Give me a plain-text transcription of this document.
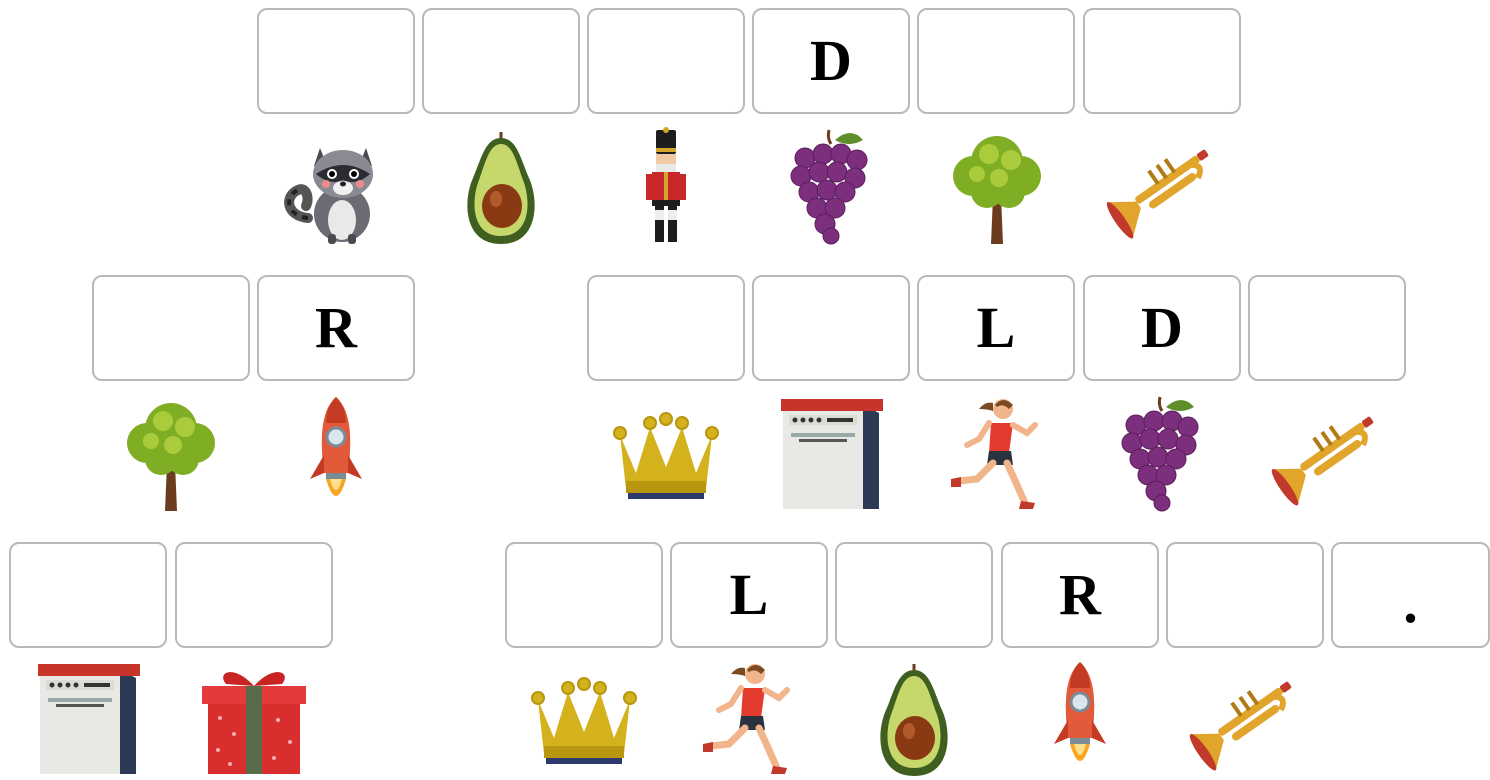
D
R	L D
L	R	.
